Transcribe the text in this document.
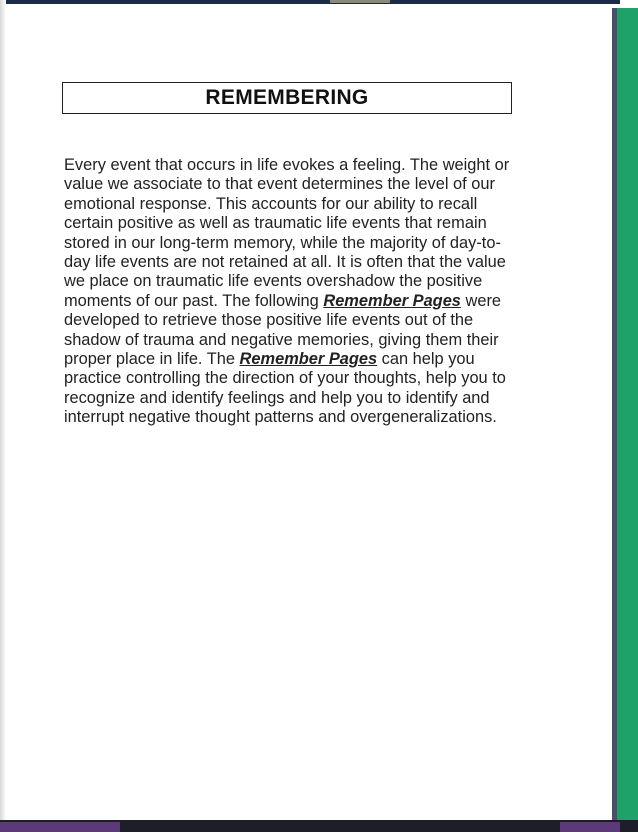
REMEMBERING
Every event that occurs in life evokes a feeling. The weight or value we associate to that event determines the level of our emotional response. This accounts for our ability to recall certain positive as well as traumatic life events that remain stored in our long-term memory, while the majority of day-to-day life events are not retained at all. It is often that the value we place on traumatic life events overshadow the positive moments of our past. The following Remember Pages were developed to retrieve those positive life events out of the shadow of trauma and negative memories, giving them their proper place in life. The Remember Pages can help you practice controlling the direction of your thoughts, help you to recognize and identify feelings and help you to identify and interrupt negative thought patterns and overgeneralizations.
